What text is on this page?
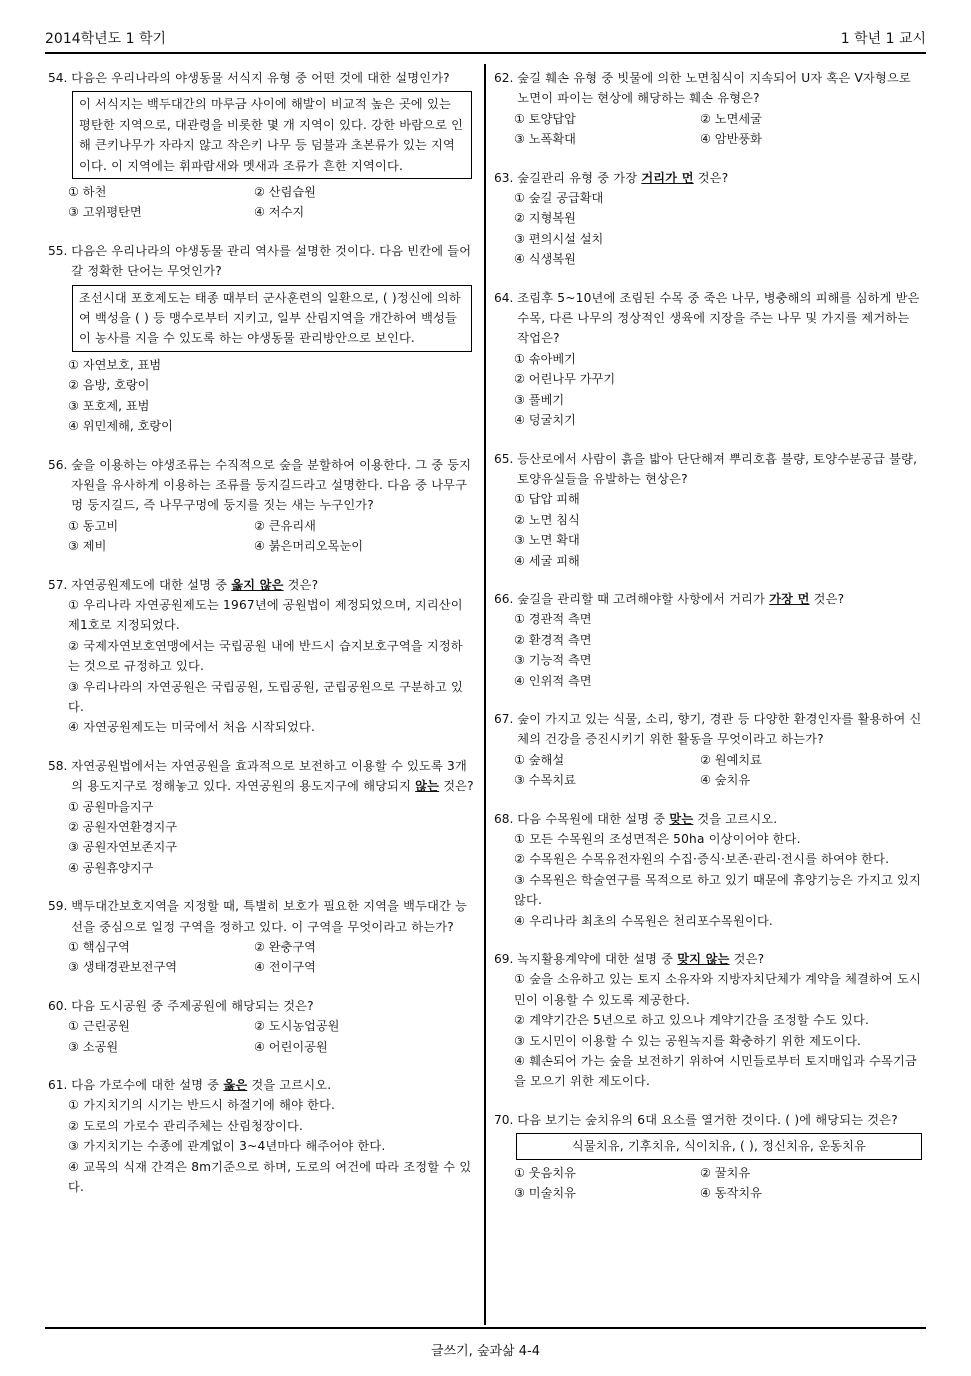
2014학년도 1 학기	1 학년 1 교시
글쓰기, 숲과삶 4-4
54.
다음은 우리나라의 야생동물 서식지 유형 중 어떤 것에 대한 설명인가?
이 서식지는 백두대간의 마루금 사이에 해발이 비교적 높은 곳에 있는 평탄한 지역으로, 대관령을 비롯한 몇 개 지역이 있다. 강한 바람으로 인해 큰키나무가 자라지 않고 작은키 나무 등 덤불과 초본류가 있는 지역이다. 이 지역에는 휘파람새와 멧새과 조류가 흔한 지역이다.
① 하천	② 산림습원
③ 고위평탄면	④ 저수지
55.
다음은 우리나라의 야생동물 관리 역사를 설명한 것이다. 다음 빈칸에 들어갈 정확한 단어는 무엇인가?
조선시대 포호제도는 태종 때부터 군사훈련의 일환으로, ( )정신에 의하여 백성을 ( ) 등 맹수로부터 지키고, 일부 산림지역을 개간하여 백성들이 농사를 지을 수 있도록 하는 야생동물 관리방안으로 보인다.
① 자연보호, 표범
② 음방, 호랑이
③ 포호제, 표범
④ 위민제해, 호랑이
56.
숲을 이용하는 야생조류는 수직적으로 숲을 분할하여 이용한다. 그 중 둥지자원을 유사하게 이용하는 조류를 둥지길드라고 설명한다. 다음 중 나무구멍 둥지길드, 즉 나무구멍에 둥지를 짓는 새는 누구인가?
① 동고비	② 큰유리새
③ 제비	④ 붉은머리오목눈이
57.
자연공원제도에 대한 설명 중 옳지 않은 것은?
① 우리나라 자연공원제도는 1967년에 공원법이 제정되었으며, 지리산이 제1호로 지정되었다.
② 국제자연보호연맹에서는 국립공원 내에 반드시 습지보호구역을 지정하는 것으로 규정하고 있다.
③ 우리나라의 자연공원은 국립공원, 도립공원, 군립공원으로 구분하고 있다.
④ 자연공원제도는 미국에서 처음 시작되었다.
58.
자연공원법에서는 자연공원을 효과적으로 보전하고 이용할 수 있도록 3개의 용도지구로 정해놓고 있다. 자연공원의 용도지구에 해당되지 않는 것은?
① 공원마을지구
② 공원자연환경지구
③ 공원자연보존지구
④ 공원휴양지구
59.
백두대간보호지역을 지정할 때, 특별히 보호가 필요한 지역을 백두대간 능선을 중심으로 일정 구역을 정하고 있다. 이 구역을 무엇이라고 하는가?
① 핵심구역	② 완충구역
③ 생태경관보전구역	④ 전이구역
60.
다음 도시공원 중 주제공원에 해당되는 것은?
① 근린공원	② 도시농업공원
③ 소공원	④ 어린이공원
61.
다음 가로수에 대한 설명 중 옳은 것을 고르시오.
① 가지치기의 시기는 반드시 하절기에 해야 한다.
② 도로의 가로수 관리주체는 산림청장이다.
③ 가지치기는 수종에 관계없이 3~4년마다 해주어야 한다.
④ 교목의 식재 간격은 8m기준으로 하며, 도로의 여건에 따라 조정할 수 있다.
62.
숲길 훼손 유형 중 빗물에 의한 노면침식이 지속되어 U자 혹은 V자형으로 노면이 파이는 현상에 해당하는 훼손 유형은?
① 토양답압	② 노면세굴
③ 노폭확대	④ 암반풍화
63.
숲길관리 유형 중 가장 거리가 먼 것은?
① 숲길 공급확대
② 지형복원
③ 편의시설 설치
④ 식생복원
64.
조림후 5~10년에 조림된 수목 중 죽은 나무, 병충해의 피해를 심하게 받은 수목, 다른 나무의 정상적인 생육에 지장을 주는 나무 및 가지를 제거하는 작업은?
① 솎아베기
② 어린나무 가꾸기
③ 풀베기
④ 덩굴치기
65.
등산로에서 사람이 흙을 밟아 단단해져 뿌리호흡 불량, 토양수분공급 불량, 토양유실들을 유발하는 현상은?
① 답압 피해
② 노면 침식
③ 노면 확대
④ 세굴 피해
66.
숲길을 관리할 때 고려해야할 사항에서 거리가 가장 먼 것은?
① 경관적 측면
② 환경적 측면
③ 기능적 측면
④ 인위적 측면
67.
숲이 가지고 있는 식물, 소리, 향기, 경관 등 다양한 환경인자를 활용하여 신체의 건강을 증진시키기 위한 활동을 무엇이라고 하는가?
① 숲해설	② 원예치료
③ 수목치료	④ 숲치유
68.
다음 수목원에 대한 설명 중 맞는 것을 고르시오.
① 모든 수목원의 조성면적은 50ha 이상이어야 한다.
② 수목원은 수목유전자원의 수집·증식·보존·관리·전시를 하여야 한다.
③ 수목원은 학술연구를 목적으로 하고 있기 때문에 휴양기능은 가지고 있지 않다.
④ 우리나라 최초의 수목원은 천리포수목원이다.
69.
녹지활용계약에 대한 설명 중 맞지 않는 것은?
① 숲을 소유하고 있는 토지 소유자와 지방자치단체가 계약을 체결하여 도시민이 이용할 수 있도록 제공한다.
② 계약기간은 5년으로 하고 있으나 계약기간을 조정할 수도 있다.
③ 도시민이 이용할 수 있는 공원녹지를 확충하기 위한 제도이다.
④ 훼손되어 가는 숲을 보전하기 위하여 시민들로부터 토지매입과 수목기금을 모으기 위한 제도이다.
70.
다음 보기는 숲치유의 6대 요소를 열거한 것이다. ( )에 해당되는 것은?
식물치유, 기후치유, 식이치유, ( ), 정신치유, 운동치유
① 웃음치유	② 꿀치유
③ 미술치유	④ 동작치유
